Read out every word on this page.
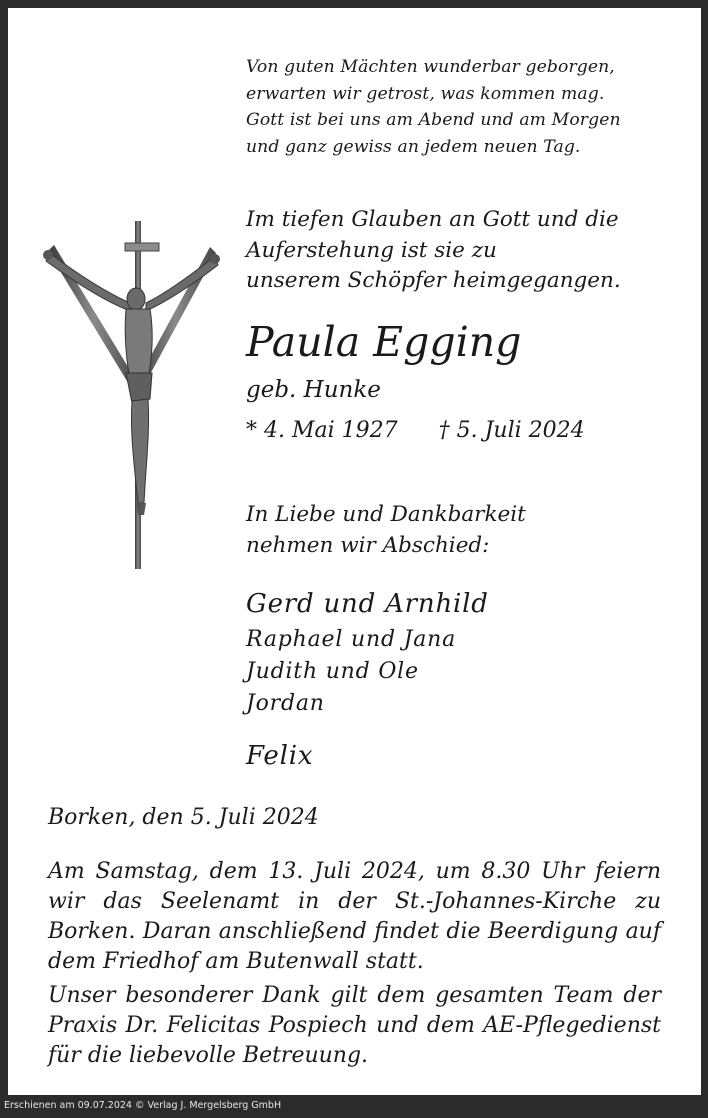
Von guten Mächten wunderbar geborgen,
erwarten wir getrost, was kommen mag.
Gott ist bei uns am Abend und am Morgen
und ganz gewiss an jedem neuen Tag.
Im tiefen Glauben an Gott und die
Auferstehung ist sie zu
unserem Schöpfer heimgegangen.
Paula Egging
geb. Hunke
* 4. Mai 1927 † 5. Juli 2024
In Liebe und Dankbarkeit
nehmen wir Abschied:
Gerd und Arnhild
Raphael und Jana
Judith und Ole
Jordan
Felix
Borken, den 5. Juli 2024
Am Samstag, dem 13. Juli 2024, um 8.30 Uhr feiern wir das Seelenamt in der St.-Johannes-Kirche zu Borken. Daran anschließend findet die Beerdigung auf dem Friedhof am Butenwall statt.
Unser besonderer Dank gilt dem gesamten Team der Praxis Dr. Felicitas Pospiech und dem AE-Pflegedienst für die liebevolle Betreuung.
Erschienen am 09.07.2024 © Verlag J. Mergelsberg GmbH
